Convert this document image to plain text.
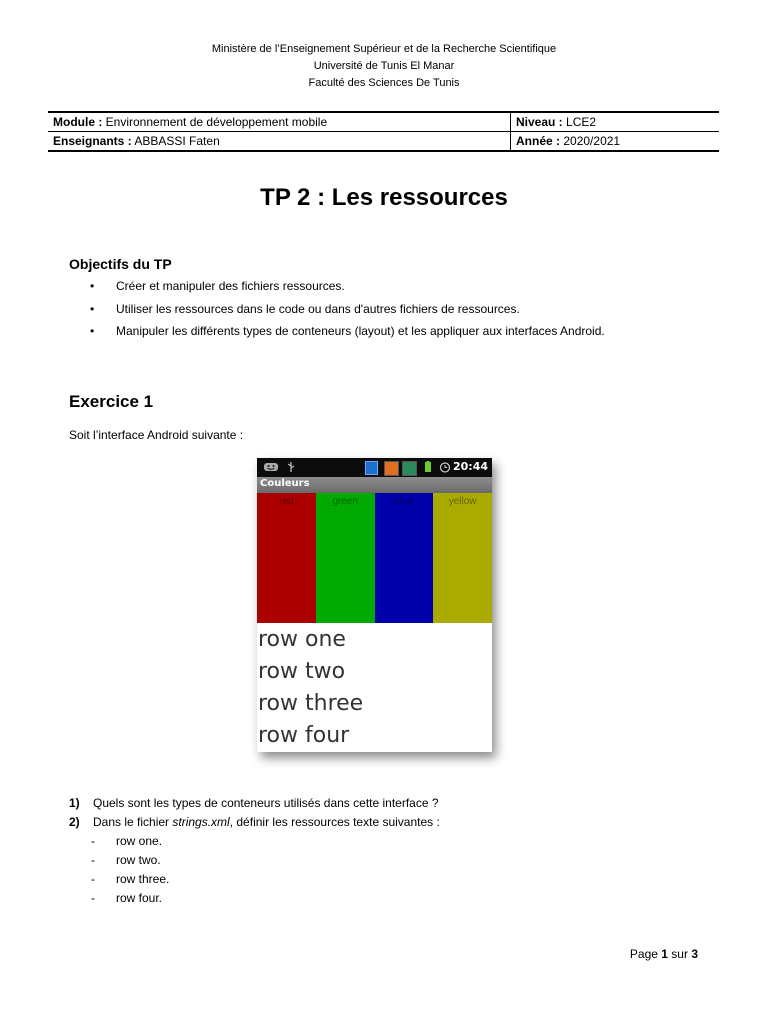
Ministère de l’Enseignement Supérieur et de la Recherche Scientifique
Université de Tunis El Manar
Faculté des Sciences De Tunis
Module : Environnement de développement mobile	Niveau : LCE2
Enseignants : ABBASSI Faten	Année : 2020/2021
TP 2 : Les ressources
Objectifs du TP
•	Créer et manipuler des fichiers ressources.
•	Utiliser les ressources dans le code ou dans d'autres fichiers de ressources.
•	Manipuler les différents types de conteneurs (layout) et les appliquer aux interfaces Android.
Exercice 1
Soit l’interface Android suivante :
20:44
Couleurs
red	green	blue	yellow
row one
row two
row three
row four
1)	Quels sont les types de conteneurs utilisés dans cette interface ?
2)	Dans le fichier strings.xml, définir les ressources texte suivantes :
-	row one.
-	row two.
-	row three.
-	row four.
Page 1 sur 3
